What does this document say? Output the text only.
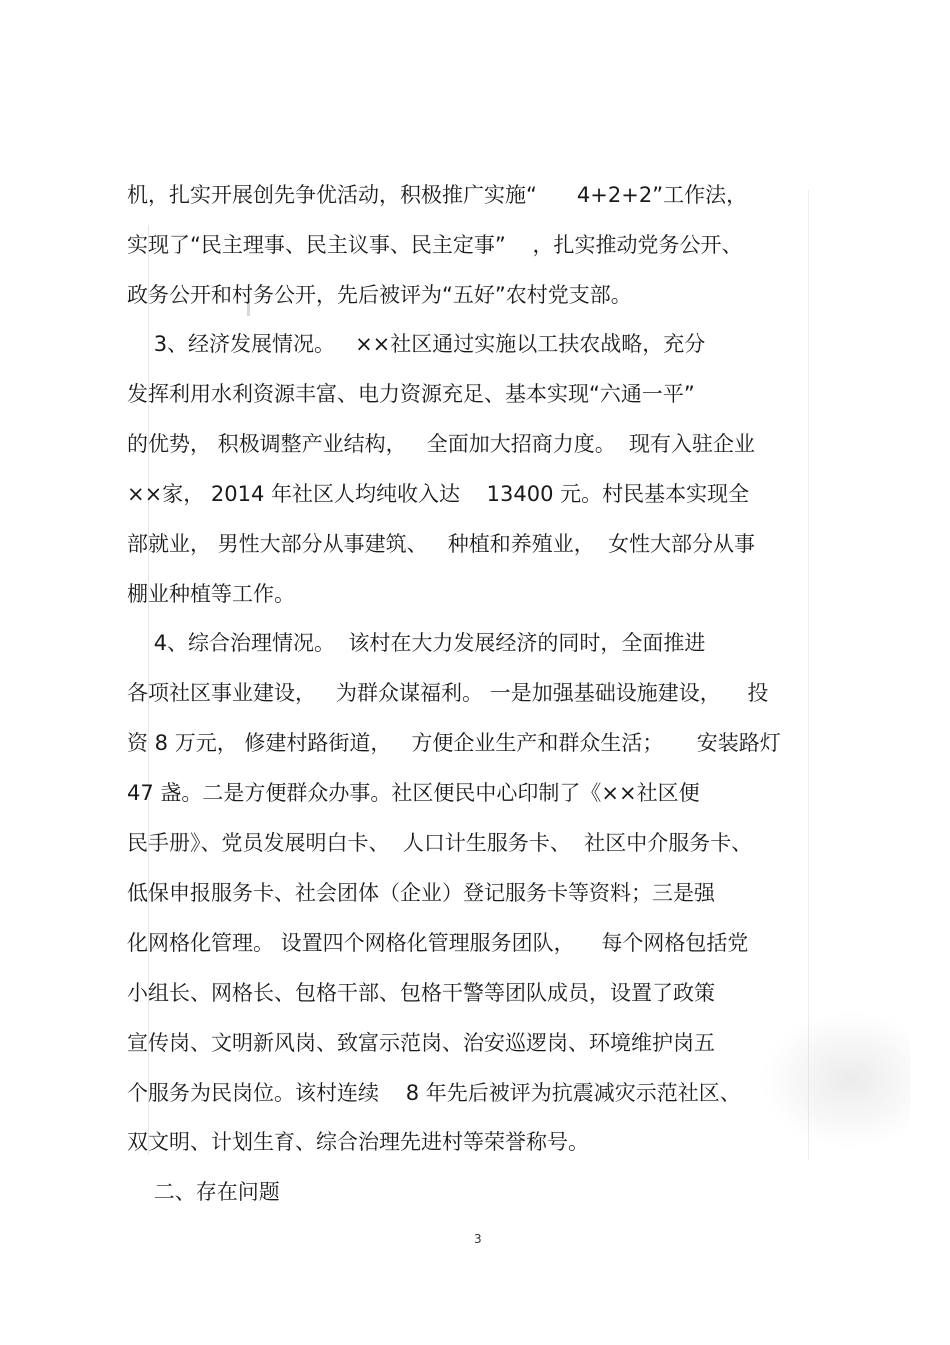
机，扎实开展创先争优活动，积极推广实施“      4+2+2”工作法，
实现了“民主理事、民主议事、民主定事”    ，扎实推动党务公开、
政务公开和村务公开，先后被评为“五好”农村党支部。
3、经济发展情况。   ××社区通过实施以工扶农战略，充分
发挥利用水利资源丰富、电力资源充足、基本实现“六通一平”
的优势， 积极调整产业结构，   全面加大招商力度。  现有入驻企业
××家， 2014 年社区人均纯收入达    13400 元。村民基本实现全
部就业， 男性大部分从事建筑、   种植和养殖业，  女性大部分从事
棚业种植等工作。
4、综合治理情况。  该村在大力发展经济的同时，全面推进
各项社区事业建设，   为群众谋福利。 一是加强基础设施建设，    投
资 8 万元， 修建村路街道，   方便企业生产和群众生活；     安装路灯
47 盏。二是方便群众办事。社区便民中心印制了《××社区便
民手册》、党员发展明白卡、  人口计生服务卡、  社区中介服务卡、
低保申报服务卡、社会团体（企业）登记服务卡等资料；三是强
化网格化管理。 设置四个网格化管理服务团队，    每个网格包括党
小组长、网格长、包格干部、包格干警等团队成员，设置了政策
宣传岗、文明新风岗、致富示范岗、治安巡逻岗、环境维护岗五
个服务为民岗位。该村连续    8 年先后被评为抗震减灾示范社区、
双文明、计划生育、综合治理先进村等荣誉称号。
二、存在问题
3
